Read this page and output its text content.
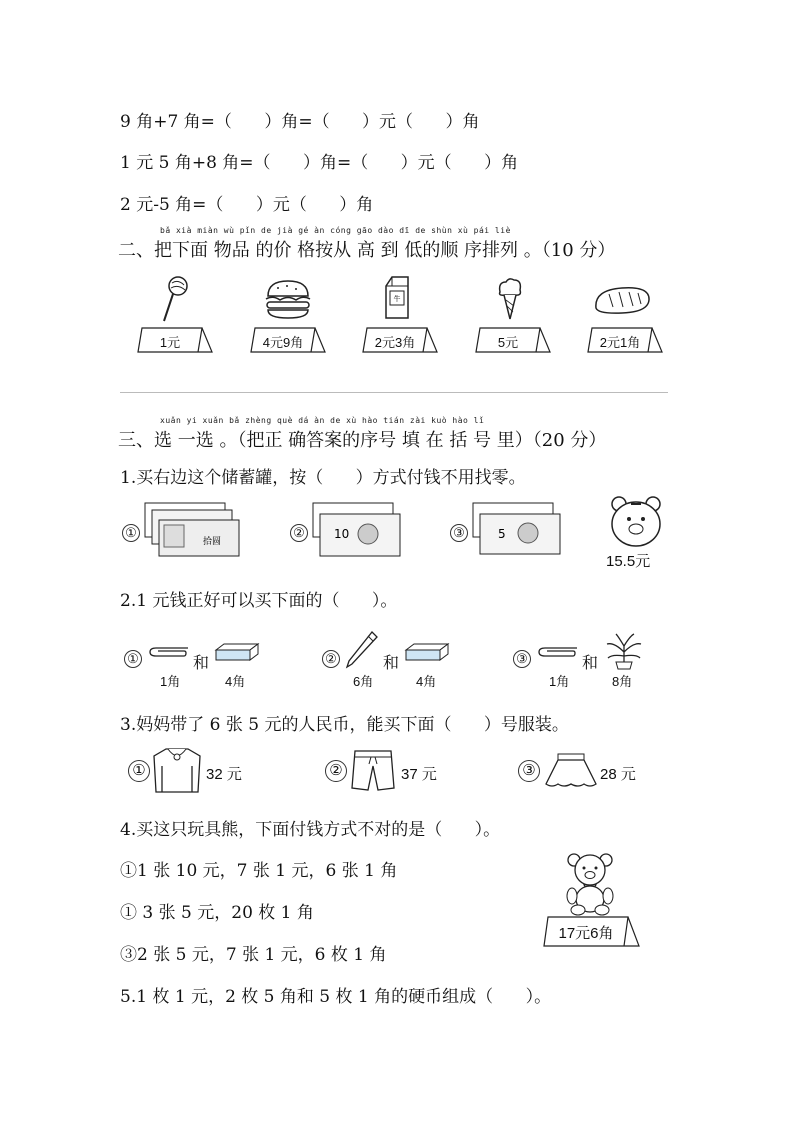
9 角+7 角=（      ）角=（      ）元（      ）角
1 元 5 角+8 角=（      ）角=（      ）元（      ）角
2 元-5 角=（      ）元（      ）角
bǎ xià miàn wù pǐn de jià gé àn cóng gāo dào dī de shùn xù pái liè
二、把下面 物品 的价 格按从 高 到 低的顺 序排列 。（10 分）
牛
1元	4元9角	2元3角	5元	2元1角
xuǎn yi xuǎn bǎ zhèng què dá àn de xù hào tián zài kuò hào lǐ
三、选 一选 。（把正 确答案的序号 填 在 括 号 里）（20 分）
1.买右边这个储蓄罐，按（      ）方式付钱不用找零。
①
拾圆
② 10	③	5
15.5元
2.1 元钱正好可以买下面的（      ）。
①	和
1角	4角
②	和
6角	4角
③	和
1角	8角
3.妈妈带了 6 张 5 元的人民币，能买下面（      ）号服装。
①	32 元	②	37 元	③	28 元
4.买这只玩具熊，下面付钱方式不对的是（      ）。
①1 张 10 元，7 张 1 元，6 张 1 角
① 3 张 5 元，20 枚 1 角
③2 张 5 元，7 张 1 元，6 枚 1 角
17元6角
5.1 枚 1 元，2 枚 5 角和 5 枚 1 角的硬币组成（      ）。
